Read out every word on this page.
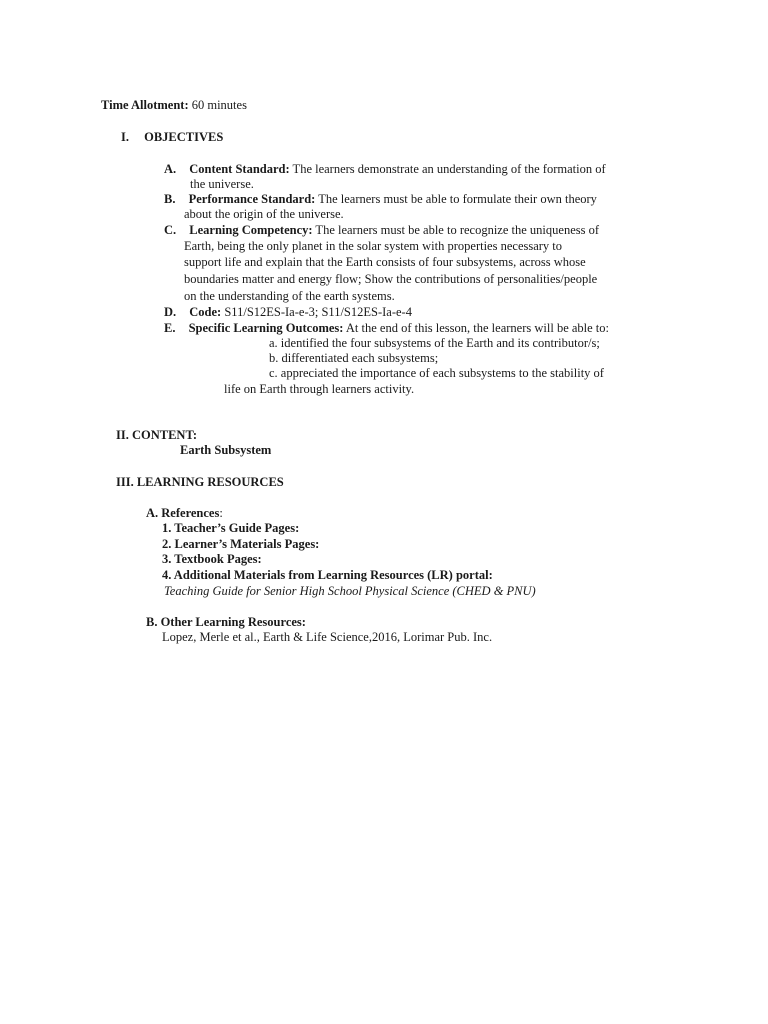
Time Allotment: 60 minutes
I. OBJECTIVES
A. Content Standard: The learners demonstrate an understanding of the formation of
the universe.
B. Performance Standard: The learners must be able to formulate their own theory
about the origin of the universe.
C. Learning Competency: The learners must be able to recognize the uniqueness of
Earth, being the only planet in the solar system with properties necessary to
support life and explain that the Earth consists of four subsystems, across whose
boundaries matter and energy flow; Show the contributions of personalities/people
on the understanding of the earth systems.
D. Code: S11/S12ES-Ia-e-3; S11/S12ES-Ia-e-4
E. Specific Learning Outcomes: At the end of this lesson, the learners will be able to:
a. identified the four subsystems of the Earth and its contributor/s;
b. differentiated each subsystems;
c. appreciated the importance of each subsystems to the stability of
life on Earth through learners activity.
II. CONTENT:
Earth Subsystem
III. LEARNING RESOURCES
A. References:
1. Teacher’s Guide Pages:
2. Learner’s Materials Pages:
3. Textbook Pages:
4. Additional Materials from Learning Resources (LR) portal:
Teaching Guide for Senior High School Physical Science (CHED & PNU)
B. Other Learning Resources:
Lopez, Merle et al., Earth & Life Science,2016, Lorimar Pub. Inc.
